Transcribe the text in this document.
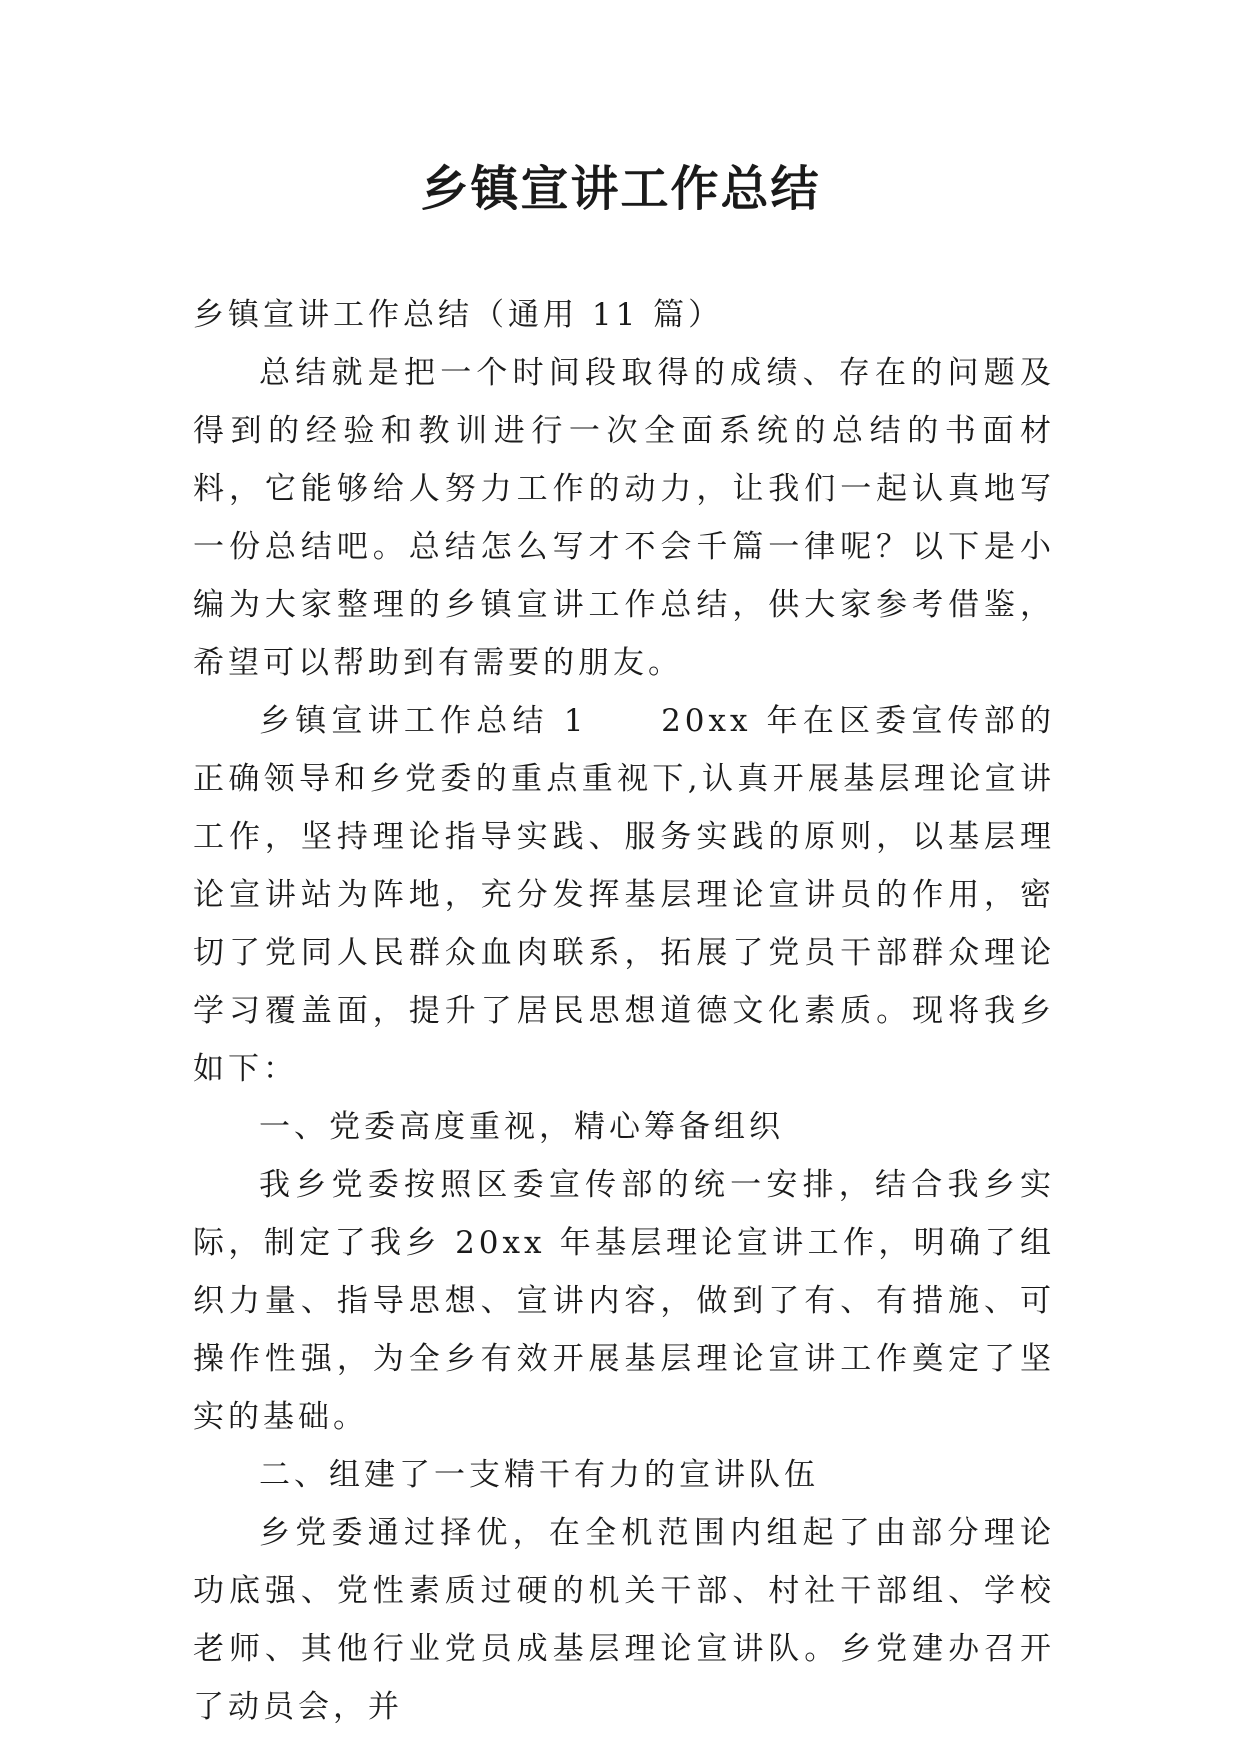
乡镇宣讲工作总结

乡镇宣讲工作总结（通用 11 篇）

总结就是把一个时间段取得的成绩、存在的问题及得到的经验和教训进行一次全面系统的总结的书面材料，它能够给人努力工作的动力，让我们一起认真地写一份总结吧。总结怎么写才不会千篇一律呢？以下是小编为大家整理的乡镇宣讲工作总结，供大家参考借鉴，希望可以帮助到有需要的朋友。

乡镇宣讲工作总结 1　　20xx 年在区委宣传部的正确领导和乡党委的重点重视下,认真开展基层理论宣讲工作，坚持理论指导实践、服务实践的原则，以基层理论宣讲站为阵地，充分发挥基层理论宣讲员的作用，密切了党同人民群众血肉联系，拓展了党员干部群众理论学习覆盖面，提升了居民思想道德文化素质。现将我乡如下：

一、党委高度重视，精心筹备组织

我乡党委按照区委宣传部的统一安排，结合我乡实际，制定了我乡 20xx 年基层理论宣讲工作，明确了组织力量、指导思想、宣讲内容，做到了有、有措施、可操作性强，为全乡有效开展基层理论宣讲工作奠定了坚实的基础。

二、组建了一支精干有力的宣讲队伍

乡党委通过择优，在全机范围内组起了由部分理论功底强、党性素质过硬的机关干部、村社干部组、学校老师、其他行业党员成基层理论宣讲队。乡党建办召开了动员会，并
